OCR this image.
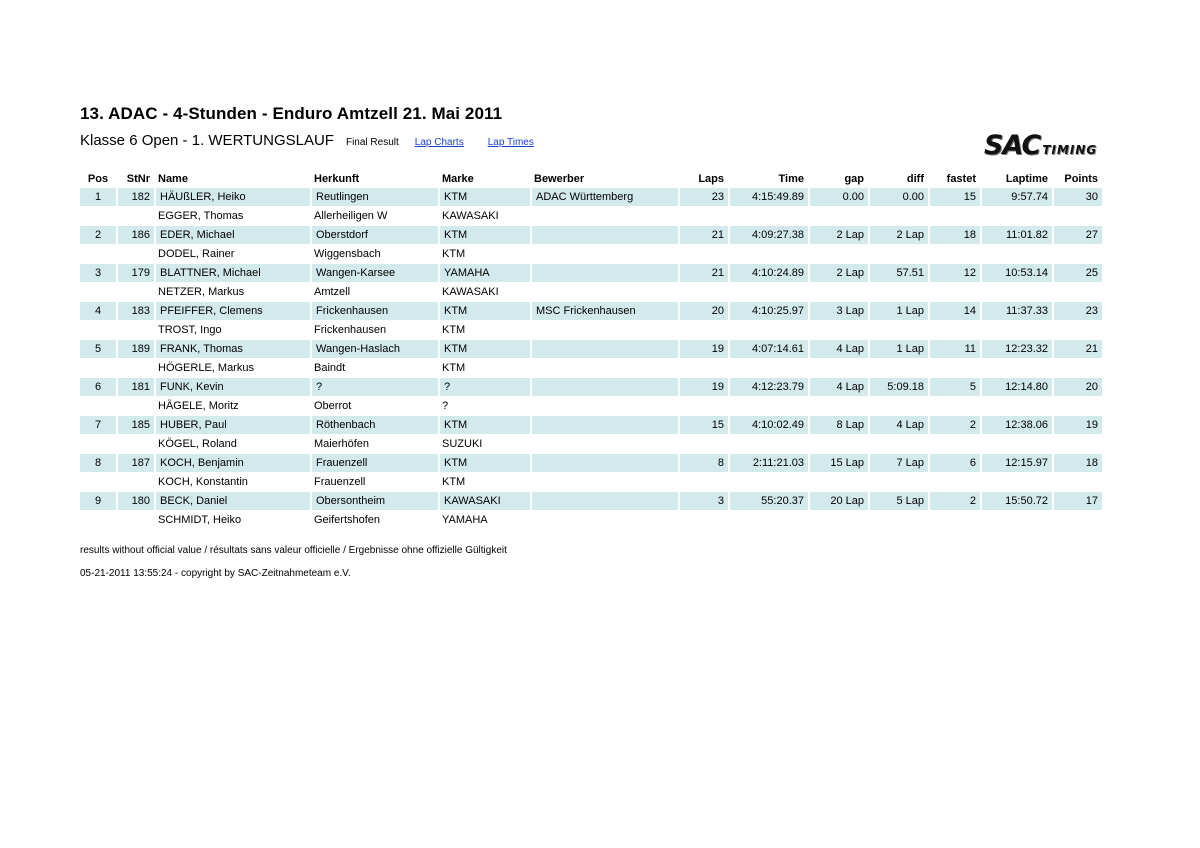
13. ADAC - 4-Stunden - Enduro Amtzell 21. Mai 2011
Klasse 6 Open - 1. WERTUNGSLAUF Final Result Lap Charts Lap Times	SAC TIMING
Pos	StNr	Name	Herkunft	Marke	Bewerber	Laps	Time	gap	diff	fastet	Laptime	Points
1	182	HÄUßLER, Heiko	Reutlingen	KTM	ADAC Württemberg	23	4:15:49.89	0.00	0.00	15	9:57.74	30
		EGGER, Thomas	Allerheiligen W	KAWASAKI								
2	186	EDER, Michael	Oberstdorf	KTM		21	4:09:27.38	2 Lap	2 Lap	18	11:01.82	27
		DODEL, Rainer	Wiggensbach	KTM								
3	179	BLATTNER, Michael	Wangen-Karsee	YAMAHA		21	4:10:24.89	2 Lap	57.51	12	10:53.14	25
		NETZER, Markus	Amtzell	KAWASAKI								
4	183	PFEIFFER, Clemens	Frickenhausen	KTM	MSC Frickenhausen	20	4:10:25.97	3 Lap	1 Lap	14	11:37.33	23
		TROST, Ingo	Frickenhausen	KTM								
5	189	FRANK, Thomas	Wangen-Haslach	KTM		19	4:07:14.61	4 Lap	1 Lap	11	12:23.32	21
		HÖGERLE, Markus	Baindt	KTM								
6	181	FUNK, Kevin	?	?		19	4:12:23.79	4 Lap	5:09.18	5	12:14.80	20
		HÄGELE, Moritz	Oberrot	?								
7	185	HUBER, Paul	Röthenbach	KTM		15	4:10:02.49	8 Lap	4 Lap	2	12:38.06	19
		KÖGEL, Roland	Maierhöfen	SUZUKI								
8	187	KOCH, Benjamin	Frauenzell	KTM		8	2:11:21.03	15 Lap	7 Lap	6	12:15.97	18
		KOCH, Konstantin	Frauenzell	KTM								
9	180	BECK, Daniel	Obersontheim	KAWASAKI		3	55:20.37	20 Lap	5 Lap	2	15:50.72	17
		SCHMIDT, Heiko	Geifertshofen	YAMAHA								
results without official value / résultats sans valeur officielle / Ergebnisse ohne offizielle Gültigkeit
05-21-2011 13:55:24 - copyright by SAC-Zeitnahmeteam e.V.
